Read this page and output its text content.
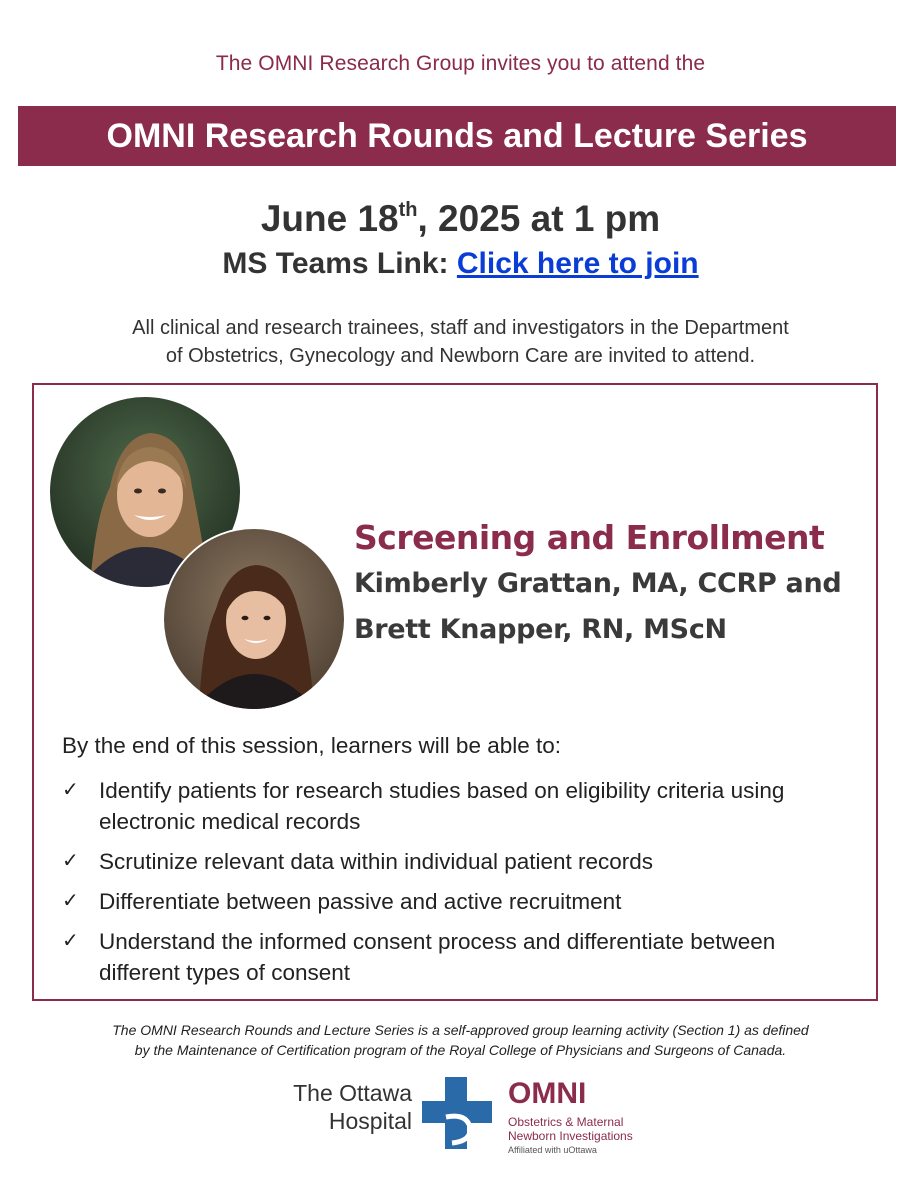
The OMNI Research Group invites you to attend the
OMNI Research Rounds and Lecture Series
June 18th, 2025 at 1 pm
MS Teams Link: Click here to join
All clinical and research trainees, staff and investigators in the Department
of Obstetrics, Gynecology and Newborn Care are invited to attend.
Screening and Enrollment
Kimberly Grattan, MA, CCRP and
Brett Knapper, RN, MScN
By the end of this session, learners will be able to:
✓ Identify patients for research studies based on eligibility criteria using electronic medical records
✓ Scrutinize relevant data within individual patient records
✓ Differentiate between passive and active recruitment
✓ Understand the informed consent process and differentiate between different types of consent
The OMNI Research Rounds and Lecture Series is a self-approved group learning activity (Section 1) as defined
by the Maintenance of Certification program of the Royal College of Physicians and Surgeons of Canada.
The Ottawa
Hospital
OMNI
Obstetrics & Maternal
Newborn Investigations
Affiliated with uOttawa
